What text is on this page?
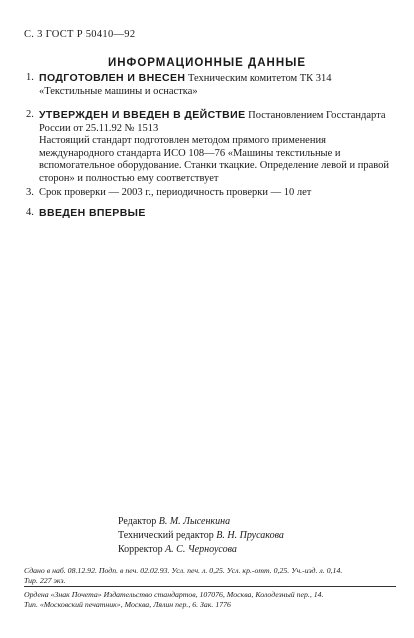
С. 3 ГОСТ Р 50410—92
ИНФОРМАЦИОННЫЕ ДАННЫЕ
1. ПОДГОТОВЛЕН И ВНЕСЕН Техническим комитетом ТК 314 «Текстильные машины и оснастка»
2. УТВЕРЖДЕН И ВВЕДЕН В ДЕЙСТВИЕ Постановлением Госстандарта России от 25.11.92 № 1513
Настоящий стандарт подготовлен методом прямого применения международного стандарта ИСО 108—76 «Машины текстильные и вспомогательное оборудование. Станки ткацкие. Определение левой и правой сторон» и полностью ему соответствует
3. Срок проверки — 2003 г., периодичность проверки — 10 лет
4. ВВЕДЕН ВПЕРВЫЕ
Редактор В. М. Лысенкина
Технический редактор В. Н. Прусакова
Корректор А. С. Черноусова
Сдано в наб. 08.12.92. Подп. в печ. 02.02.93. Усл. печ. л. 0,25. Усл. кр.-отт. 0,25. Уч.-изд. л. 0,14.
Тир. 227 экз.
Ордена «Знак Почета» Издательство стандартов, 107076, Москва, Колодезный пер., 14.
Тип. «Московский печатник», Москва, Лялин пер., 6. Зак. 1776
